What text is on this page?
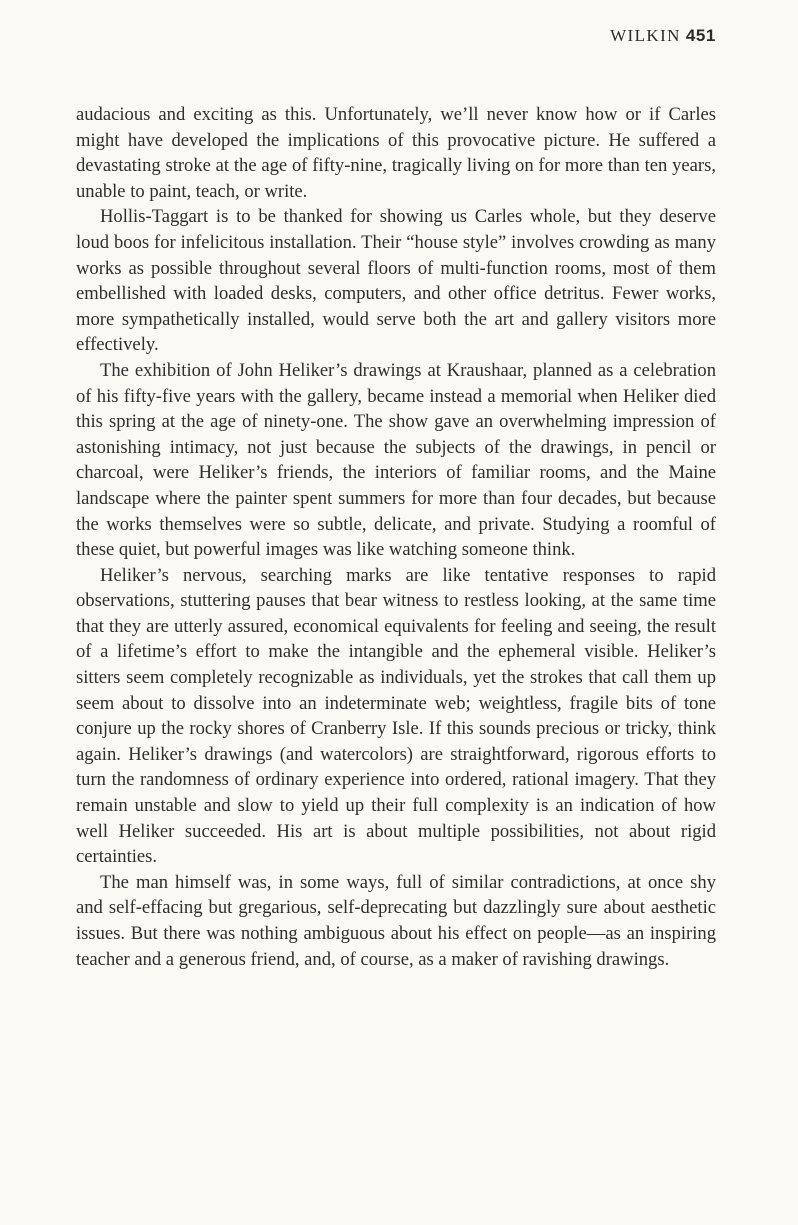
WILKIN 451

audacious and exciting as this. Unfortunately, we’ll never know how or if Carles might have developed the implications of this provocative picture. He suffered a devastating stroke at the age of fifty-nine, tragically living on for more than ten years, unable to paint, teach, or write.

Hollis-Taggart is to be thanked for showing us Carles whole, but they deserve loud boos for infelicitous installation. Their “house style” involves crowding as many works as possible throughout several floors of multi-function rooms, most of them embellished with loaded desks, computers, and other office detritus. Fewer works, more sympathetically installed, would serve both the art and gallery visitors more effectively.

The exhibition of John Heliker’s drawings at Kraushaar, planned as a celebration of his fifty-five years with the gallery, became instead a memorial when Heliker died this spring at the age of ninety-one. The show gave an overwhelming impression of astonishing intimacy, not just because the subjects of the drawings, in pencil or charcoal, were Heliker’s friends, the interiors of familiar rooms, and the Maine landscape where the painter spent summers for more than four decades, but because the works themselves were so subtle, delicate, and private. Studying a roomful of these quiet, but powerful images was like watching someone think.

Heliker’s nervous, searching marks are like tentative responses to rapid observations, stuttering pauses that bear witness to restless looking, at the same time that they are utterly assured, economical equivalents for feeling and seeing, the result of a lifetime’s effort to make the intangible and the ephemeral visible. Heliker’s sitters seem completely recognizable as individuals, yet the strokes that call them up seem about to dissolve into an indeterminate web; weightless, fragile bits of tone conjure up the rocky shores of Cranberry Isle. If this sounds precious or tricky, think again. Heliker’s drawings (and watercolors) are straightforward, rigorous efforts to turn the randomness of ordinary experience into ordered, rational imagery. That they remain unstable and slow to yield up their full complexity is an indication of how well Heliker succeeded. His art is about multiple possibilities, not about rigid certainties.

The man himself was, in some ways, full of similar contradictions, at once shy and self-effacing but gregarious, self-deprecating but dazzlingly sure about aesthetic issues. But there was nothing ambiguous about his effect on people—as an inspiring teacher and a generous friend, and, of course, as a maker of ravishing drawings.
